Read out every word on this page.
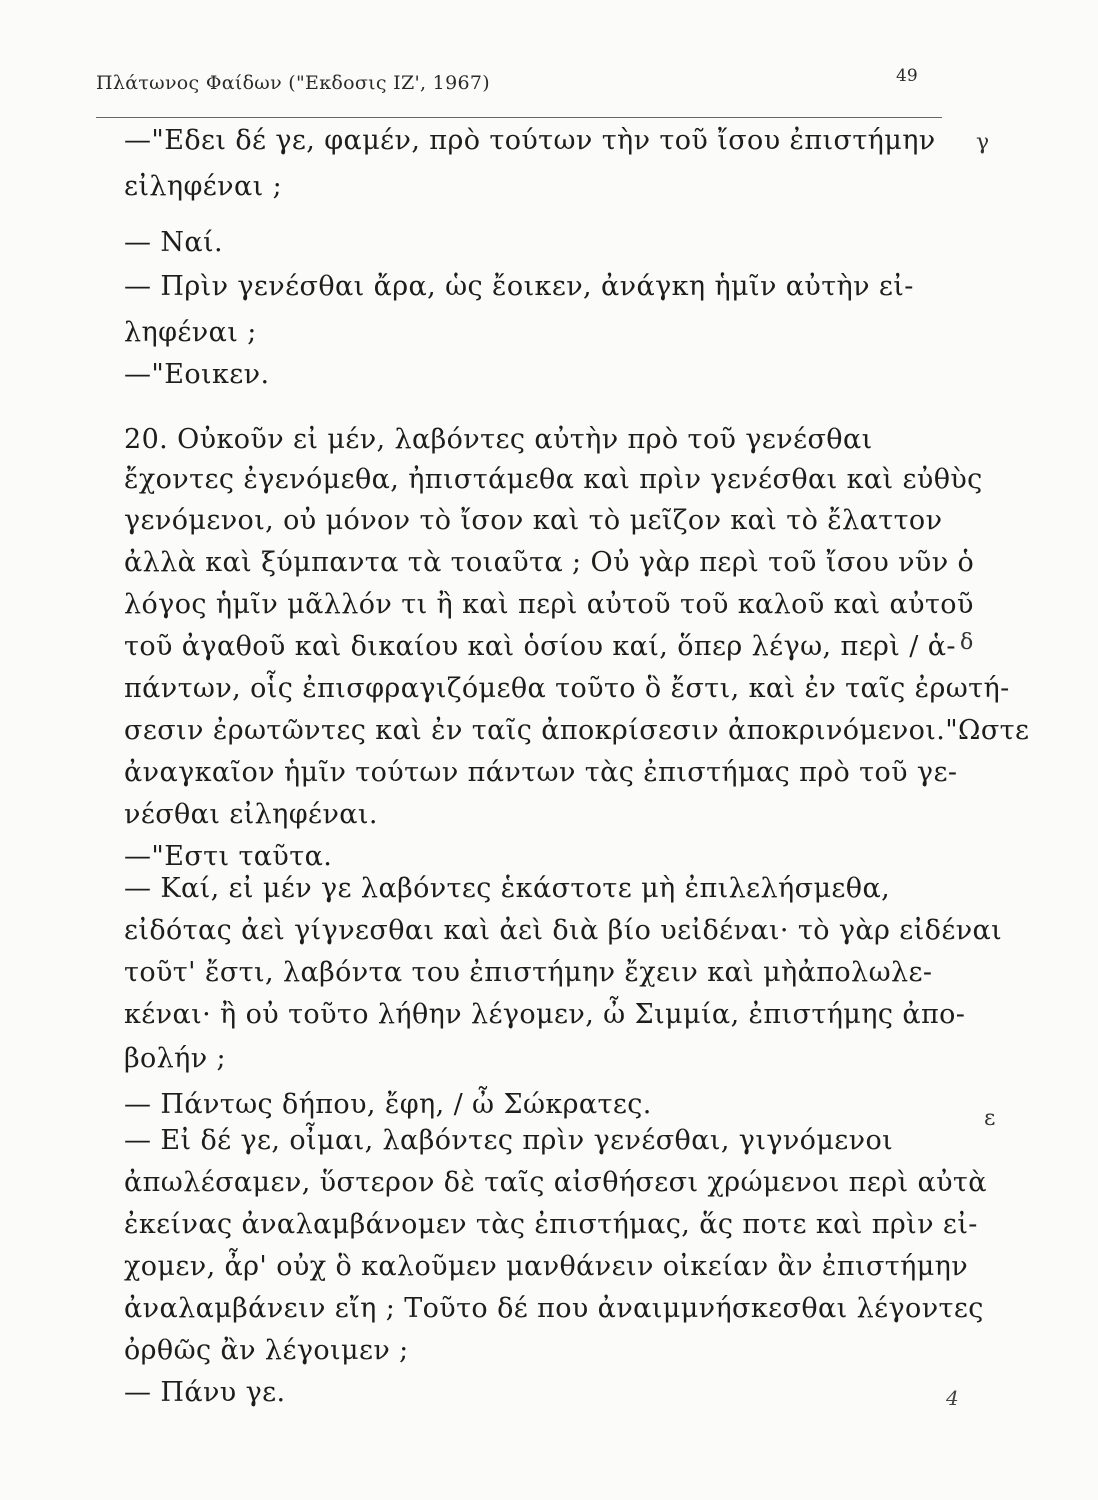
Πλάτωνος Φαίδων ("Εκδοσις ΙΖ', 1967)	49
—"Εδει δέ γε, φαμέν, πρὸ τούτων τὴν τοῦ ἴσου ἐπιστήμην
εἰληφέναι ;
— Ναί.
— Πρὶν γενέσθαι ἄρα, ὡς ἔοικεν, ἀνάγκη ἡμῖν αὐτὴν εἰ-
ληφέναι ;
—"Εοικεν.
20. Οὐκοῦν εἰ μέν, λαβόντες αὐτὴν πρὸ τοῦ γενέσθαι
ἔχοντες ἐγενόμεθα, ἠπιστάμεθα καὶ πρὶν γενέσθαι καὶ εὐθὺς
γενόμενοι, οὐ μόνον τὸ ἴσον καὶ τὸ μεῖζον καὶ τὸ ἔλαττον
ἀλλὰ καὶ ξύμπαντα τὰ τοιαῦτα ; Οὐ γὰρ περὶ τοῦ ἴσου νῦν ὁ
λόγος ἡμῖν μᾶλλόν τι ἢ καὶ περὶ αὐτοῦ τοῦ καλοῦ καὶ αὐτοῦ
τοῦ ἀγαθοῦ καὶ δικαίου καὶ ὁσίου καί, ὅπερ λέγω, περὶ / ἁ-
πάντων, οἷς ἐπισφραγιζόμεθα τοῦτο ὃ ἔστι, καὶ ἐν ταῖς ἐρωτή-
σεσιν ἐρωτῶντες καὶ ἐν ταῖς ἀποκρίσεσιν ἀποκρινόμενοι."Ωστε
ἀναγκαῖον ἡμῖν τούτων πάντων τὰς ἐπιστήμας πρὸ τοῦ γε-
νέσθαι εἰληφέναι.
—"Εστι ταῦτα.
— Καί, εἰ μέν γε λαβόντες ἑκάστοτε μὴ ἐπιλελήσμεθα,
εἰδότας ἀεὶ γίγνεσθαι καὶ ἀεὶ διὰ βίο υεἰδέναι· τὸ γὰρ εἰδέναι
τοῦτ' ἔστι, λαβόντα του ἐπιστήμην ἔχειν καὶ μὴἀπολωλε-
κέναι· ἢ οὐ τοῦτο λήθην λέγομεν, ὦ Σιμμία, ἐπιστήμης ἀπο-
βολήν ;
— Πάντως δήπου, ἔφη, / ὦ Σώκρατες.
— Εἰ δέ γε, οἶμαι, λαβόντες πρὶν γενέσθαι, γιγνόμενοι
ἀπωλέσαμεν, ὕστερον δὲ ταῖς αἰσθήσεσι χρώμενοι περὶ αὐτὰ
ἐκείνας ἀναλαμβάνομεν τὰς ἐπιστήμας, ἅς ποτε καὶ πρὶν εἰ-
χομεν, ἆρ' οὐχ ὃ καλοῦμεν μανθάνειν οἰκείαν ἂν ἐπιστήμην
ἀναλαμβάνειν εἴη ; Τοῦτο δέ που ἀναιμμνήσκεσθαι λέγοντες
ὀρθῶς ἂν λέγοιμεν ;
— Πάνυ γε.
γ
δ
ε
4
